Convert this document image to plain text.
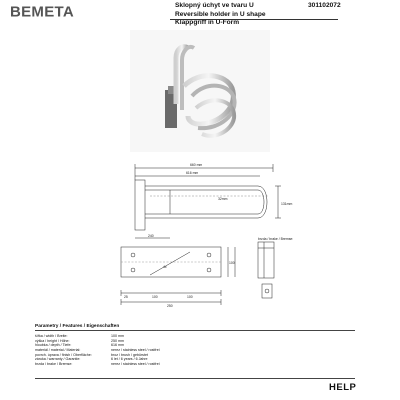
BEMETA	Sklopný úchyt ve tvaru U
Reversible holder in U shape
Klappgriff in U-Form
301102072
660 mm
616 mm
32mm
131mm
240
brzda / brake / Bremse:
100	100
250
25
100
4x
Parametry / Features / Eigenschaften
šířka / width / Breite:	100 mm
výška / height / Höhe:	250 mm
hloubka / depth / Tiefe:	616 mm
materiál / material / Material:	nerez / stainless steel / rostfrei
povrch. úprava / finish / Oberfläche:	broz / brush / gebürstet
záruka / warranty / Garantie:	6 let / 6 years / 6 Jahre
brzda / brake / Bremse:	nerez / stainless steel / rostfrei
HELP
